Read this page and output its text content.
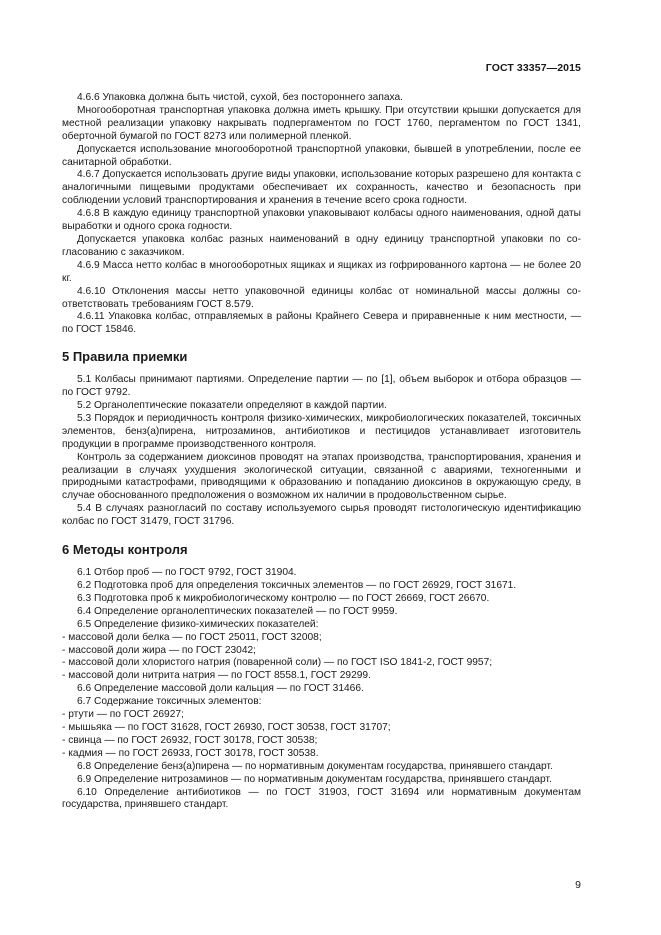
ГОСТ 33357—2015

4.6.6 Упаковка должна быть чистой, сухой, без постороннего запаха.

Многооборотная транспортная упаковка должна иметь крышку. При отсутствии крышки допускается для местной реализации упаковку накрывать подпергаментом по ГОСТ 1760, пергаментом по ГОСТ 1341, оберточной бумагой по ГОСТ 8273 или полимерной пленкой.

Допускается использование многооборотной транспортной упаковки, бывшей в употреблении, после ее санитарной обработки.

4.6.7 Допускается использовать другие виды упаковки, использование которых разрешено для контакта с аналогичными пищевыми продуктами обеспечивает их сохранность, качество и безопасность при соблюдении условий транспортирования и хранения в течение всего срока годности.

4.6.8 В каждую единицу транспортной упаковки упаковывают колбасы одного наименования, одной даты выработки и одного срока годности.

Допускается упаковка колбас разных наименований в одну единицу транспортной упаковки по согласованию с заказчиком.

4.6.9 Масса нетто колбас в многооборотных ящиках и ящиках из гофрированного картона — не более 20 кг.

4.6.10 Отклонения массы нетто упаковочной единицы колбас от номинальной массы должны соответствовать требованиям ГОСТ 8.579.

4.6.11 Упаковка колбас, отправляемых в районы Крайнего Севера и приравненные к ним местности, — по ГОСТ 15846.

5 Правила приемки

5.1 Колбасы принимают партиями. Определение партии — по [1], объем выборок и отбора образцов — по ГОСТ 9792.

5.2 Органолептические показатели определяют в каждой партии.

5.3 Порядок и периодичность контроля физико-химических, микробиологических показателей, токсичных элементов, бенз(а)пирена, нитрозаминов, антибиотиков и пестицидов устанавливает изготовитель продукции в программе производственного контроля.

Контроль за содержанием диоксинов проводят на этапах производства, транспортирования, хранения и реализации в случаях ухудшения экологической ситуации, связанной с авариями, техногенными и природными катастрофами, приводящими к образованию и попаданию диоксинов в окружающую среду, в случае обоснованного предположения о возможном их наличии в продовольственном сырье.

5.4 В случаях разногласий по составу используемого сырья проводят гистологическую идентификацию колбас по ГОСТ 31479, ГОСТ 31796.

6 Методы контроля

6.1 Отбор проб — по ГОСТ 9792, ГОСТ 31904.

6.2 Подготовка проб для определения токсичных элементов — по ГОСТ 26929, ГОСТ 31671.

6.3 Подготовка проб к микробиологическому контролю — по ГОСТ 26669, ГОСТ 26670.

6.4 Определение органолептических показателей — по ГОСТ 9959.

6.5 Определение физико-химических показателей:

- массовой доли белка — по ГОСТ 25011, ГОСТ 32008;

- массовой доли жира — по ГОСТ 23042;

- массовой доли хлористого натрия (поваренной соли) — по ГОСТ ISO 1841-2, ГОСТ 9957;

- массовой доли нитрита натрия — по ГОСТ 8558.1, ГОСТ 29299.

6.6 Определение массовой доли кальция — по ГОСТ 31466.

6.7 Содержание токсичных элементов:

- ртути — по ГОСТ 26927;

- мышьяка — по ГОСТ 31628, ГОСТ 26930, ГОСТ 30538, ГОСТ 31707;

- свинца — по ГОСТ 26932, ГОСТ 30178, ГОСТ 30538;

- кадмия — по ГОСТ 26933, ГОСТ 30178, ГОСТ 30538.

6.8 Определение бенз(а)пирена — по нормативным документам государства, принявшего стандарт.

6.9 Определение нитрозаминов — по нормативным документам государства, принявшего стандарт.

6.10 Определение антибиотиков — по ГОСТ 31903, ГОСТ 31694 или нормативным документам государства, принявшего стандарт.

9
